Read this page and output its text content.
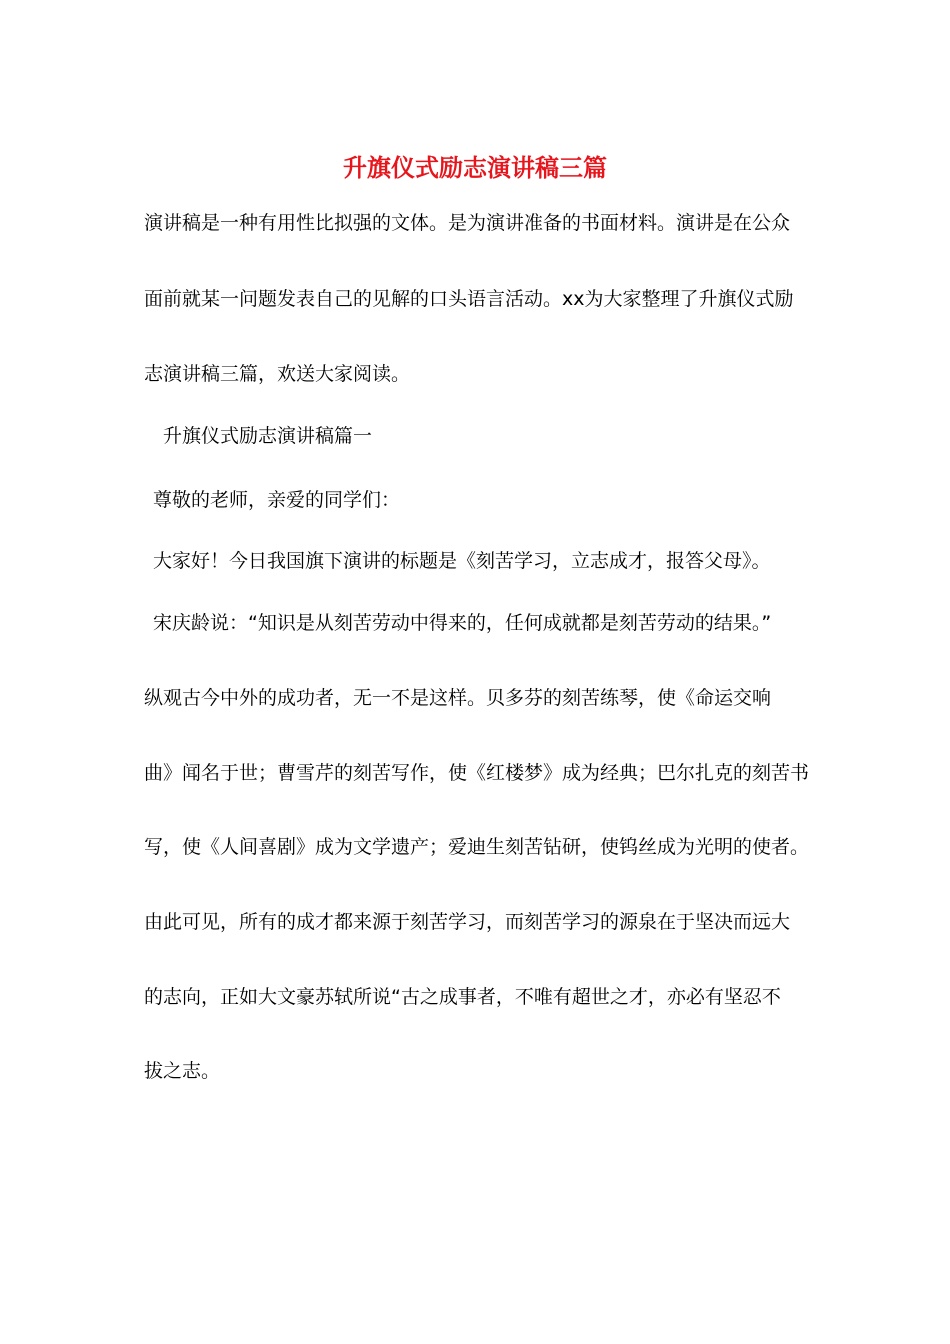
升旗仪式励志演讲稿三篇
演讲稿是一种有用性比拟强的文体。是为演讲准备的书面材料。演讲是在公众
面前就某一问题发表自己的见解的口头语言活动。xx为大家整理了升旗仪式励
志演讲稿三篇，欢送大家阅读。
升旗仪式励志演讲稿篇一
尊敬的老师，亲爱的同学们：
大家好！今日我国旗下演讲的标题是《刻苦学习，立志成才，报答父母》。
宋庆龄说：“知识是从刻苦劳动中得来的，任何成就都是刻苦劳动的结果。”
纵观古今中外的成功者，无一不是这样。贝多芬的刻苦练琴，使《命运交响
曲》闻名于世；曹雪芹的刻苦写作，使《红楼梦》成为经典；巴尔扎克的刻苦书
写，使《人间喜剧》成为文学遗产；爱迪生刻苦钻研，使钨丝成为光明的使者。
由此可见，所有的成才都来源于刻苦学习，而刻苦学习的源泉在于坚决而远大
的志向，正如大文豪苏轼所说“古之成事者，不唯有超世之才，亦必有坚忍不
拔之志。
